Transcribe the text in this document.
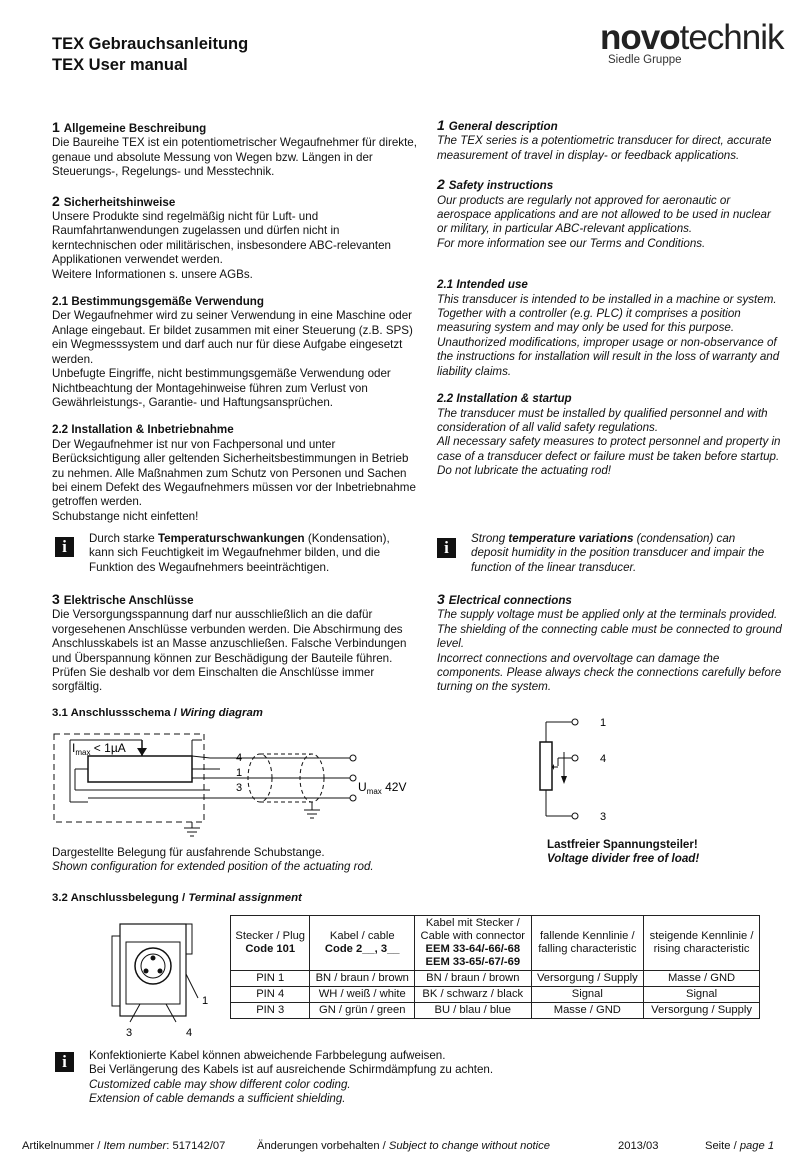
TEX Gebrauchsanleitung
TEX User manual
novotechnik
Siedle Gruppe
1 Allgemeine Beschreibung

Die Baureihe TEX ist ein potentiometrischer Wegaufnehmer für direkte, genaue und absolute Messung von Wegen bzw. Längen in der Steuerungs-, Regelungs- und Messtechnik.

2 Sicherheitshinweise

Unsere Produkte sind regelmäßig nicht für Luft- und Raumfahrtanwendungen zugelassen und dürfen nicht in kerntechnischen oder militärischen, insbesondere ABC-relevanten Applikationen verwendet werden.

Weitere Informationen s. unsere AGBs.

2.1 Bestimmungsgemäße Verwendung

Der Wegaufnehmer wird zu seiner Verwendung in eine Maschine oder Anlage eingebaut. Er bildet zusammen mit einer Steuerung (z.B. SPS) ein Wegmesssystem und darf auch nur für diese Aufgabe eingesetzt werden.

Unbefugte Eingriffe, nicht bestimmungsgemäße Verwendung oder Nichtbeachtung der Montagehinweise führen zum Verlust von Gewährleistungs-, Garantie- und Haftungsansprüchen.

2.2 Installation & Inbetriebnahme

Der Wegaufnehmer ist nur von Fachpersonal und unter Berücksichtigung aller geltenden Sicherheitsbestimmungen in Betrieb zu nehmen. Alle Maßnahmen zum Schutz von Personen und Sachen bei einem Defekt des Wegaufnehmers müssen vor der Inbetriebnahme getroffen werden.

Schubstange nicht einfetten!

i	Durch starke Temperaturschwankungen (Kondensation), kann sich Feuchtigkeit im Wegaufnehmer bilden, und die Funktion des Wegaufnehmers beeinträchtigen.
3 Elektrische Anschlüsse

Die Versorgungsspannung darf nur ausschließlich an die dafür vorgesehenen Anschlüsse verbunden werden. Die Abschirmung des Anschlusskabels ist an Masse anzuschließen. Falsche Verbindungen und Überspannung können zur Beschädigung der Bauteile führen. Prüfen Sie deshalb vor dem Einschalten die Anschlüsse immer sorgfältig.

1 General description

The TEX series is a potentiometric transducer for direct, accurate measurement of travel in display- or feedback applications.

2 Safety instructions

Our products are regularly not approved for aeronautic or aerospace applications and are not allowed to be used in nuclear or military, in particular ABC-relevant applications.

For more information see our Terms and Conditions.

2.1 Intended use

This transducer is intended to be installed in a machine or system. Together with a controller (e.g. PLC) it comprises a position measuring system and may only be used for this purpose.

Unauthorized modifications, improper usage or non-observance of the instructions for installation will result in the loss of warranty and liability claims.

2.2 Installation & startup

The transducer must be installed by qualified personnel and with consideration of all valid safety regulations.

All necessary safety measures to protect personnel and property in case of a transducer defect or failure must be taken before startup.

Do not lubricate the actuating rod!

i	Strong temperature variations (condensation) can deposit humidity in the position transducer and impair the function of the linear transducer.
3 Electrical connections

The supply voltage must be applied only at the terminals provided. The shielding of the connecting cable must be connected to ground level.

Incorrect connections and overvoltage can damage the components. Please always check the connections carefully before turning on the system.

3.1 Anschlussschema / Wiring diagram
$I_{max} < 1\mu A$
4
1
3	$U_{max}$ 42V
Dargestellte Belegung für ausfahrende Schubstange.
Shown configuration for extended position of the actuating rod.
1
4
3
Lastfreier Spannungsteiler!
Voltage divider free of load!
3.2 Anschlussbelegung / Terminal assignment
1
3	4
Stecker / Plug
Code 101	Kabel / cable
Code 2__, 3__	Kabel mit Stecker /
Cable with connector
EEM 33-64/-66/-68
EEM 33-65/-67/-69	fallende Kennlinie /
falling characteristic	steigende Kennlinie /
rising characteristic
PIN 1	BN / braun / brown	BN / braun / brown	Versorgung / Supply	Masse / GND
PIN 4	WH / weiß / white	BK / schwarz / black	Signal	Signal
PIN 3	GN / grün / green	BU / blau / blue	Masse / GND	Versorgung / Supply
i	Konfektionierte Kabel können abweichende Farbbelegung aufweisen.
Bei Verlängerung des Kabels ist auf ausreichende Schirmdämpfung zu achten.
Customized cable may show different color coding.
Extension of cable demands a sufficient shielding.
Artikelnummer / Item number: 517142/07	Änderungen vorbehalten / Subject to change without notice	2013/03	Seite / page 1
